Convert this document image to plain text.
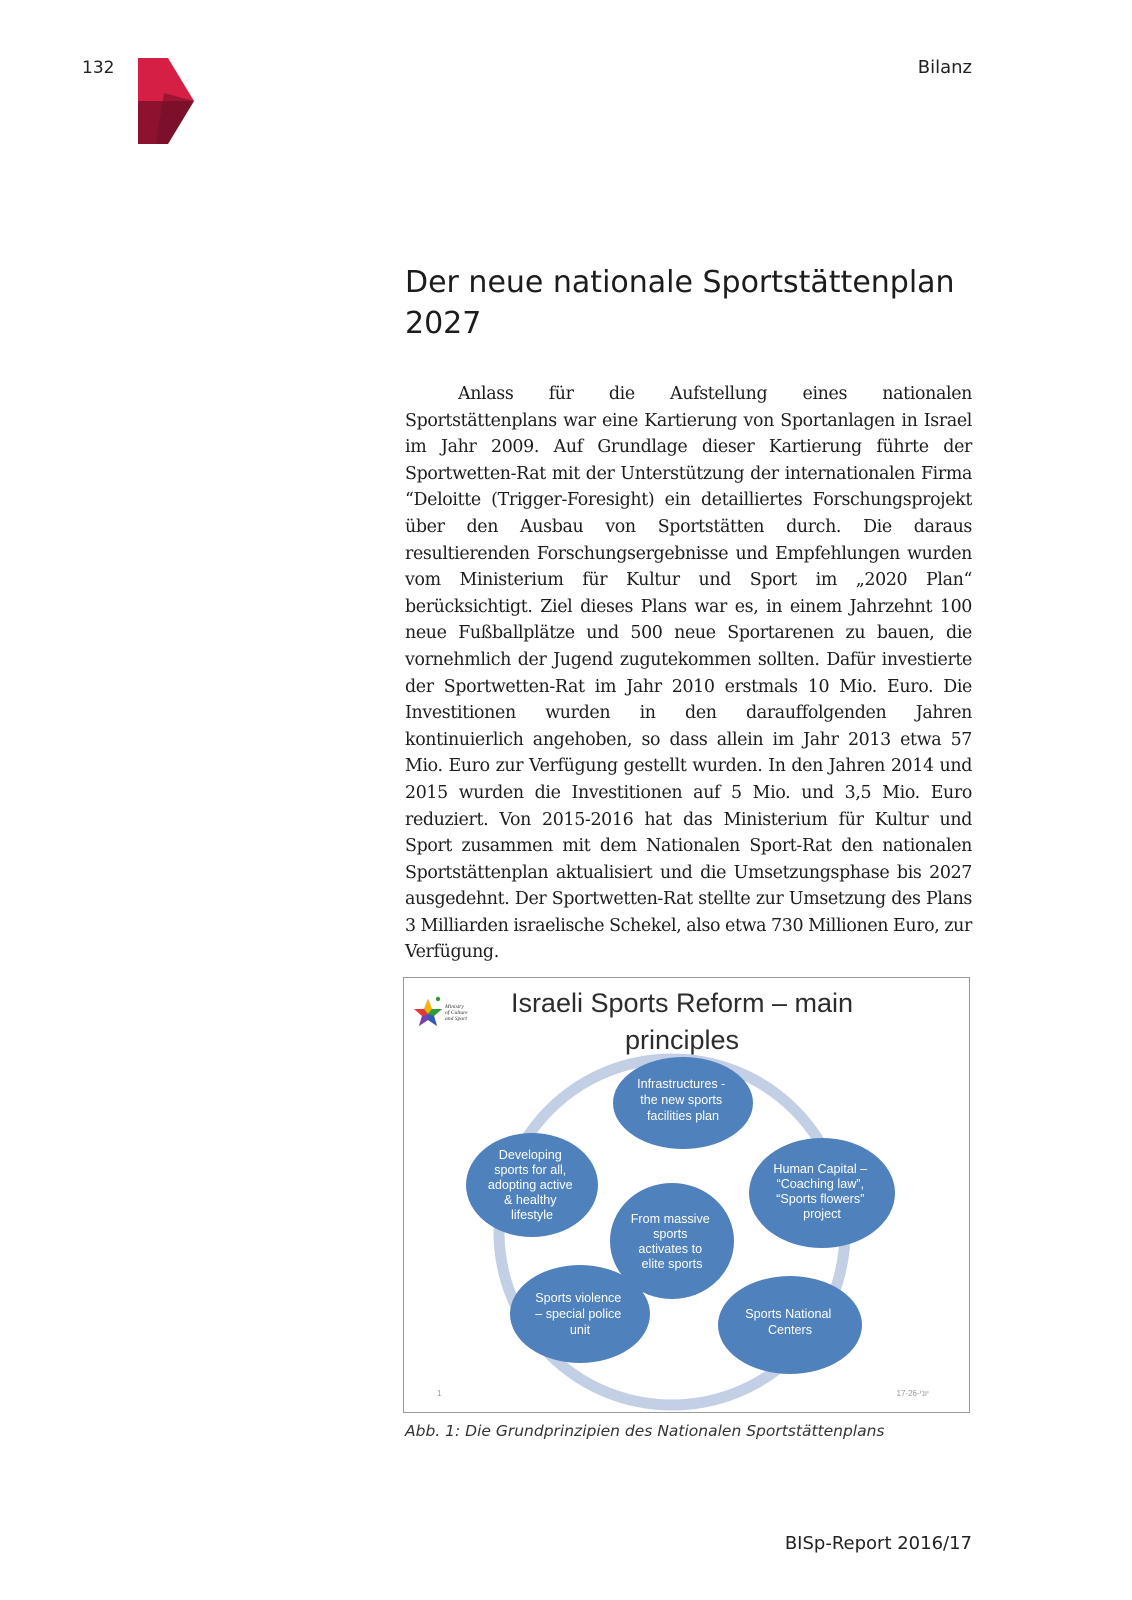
132	Bilanz
Der neue nationale Sportstättenplan
2027

Anlass für die Aufstellung eines nationalen Sportstättenplans war eine Kartierung von Sportanlagen in Israel im Jahr 2009. Auf Grundlage dieser Kartierung führte der Sportwetten-Rat mit der Unterstützung der internationalen Firma “Deloitte (Trigger-Foresight) ein detailliertes Forschungsprojekt über den Ausbau von Sportstätten durch. Die daraus resultierenden Forschungsergebnisse und Empfehlungen wurden vom Ministerium für Kultur und Sport im „2020 Plan“ berücksichtigt. Ziel dieses Plans war es, in einem Jahrzehnt 100 neue Fußballplätze und 500 neue Sportarenen zu bauen, die vornehmlich der Jugend zugutekommen sollten. Dafür investierte der Sportwetten-Rat im Jahr 2010 erstmals 10 Mio. Euro. Die Investitionen wurden in den darauffolgenden Jahren kontinuierlich angehoben, so dass allein im Jahr 2013 etwa 57 Mio. Euro zur Verfügung gestellt wurden. In den Jahren 2014 und 2015 wurden die Investitionen auf 5 Mio. und 3,5 Mio. Euro reduziert. Von 2015-2016 hat das Ministerium für Kultur und Sport zusammen mit dem Nationalen Sport-Rat den nationalen Sportstättenplan aktualisiert und die Umsetzungsphase bis 2027 ausgedehnt. Der Sportwetten-Rat stellte zur Umsetzung des Plans 3 Milliarden israelische Schekel, also etwa 730 Millionen Euro, zur Verfügung.

Ministry
of Culture
and Sport
Israeli Sports Reform – main
principles
From massive sports activates to elite sports
Infrastructures - the new sports facilities plan
Human Capital – “Coaching law”, “Sports flowers” project
Sports National Centers
Sports violence – special police unit
Developing sports for all, adopting active & healthy lifestyle
1	17-יוני-26

Abb. 1: Die Grundprinzipien des Nationalen Sportstättenplans

BISp-Report 2016/17
